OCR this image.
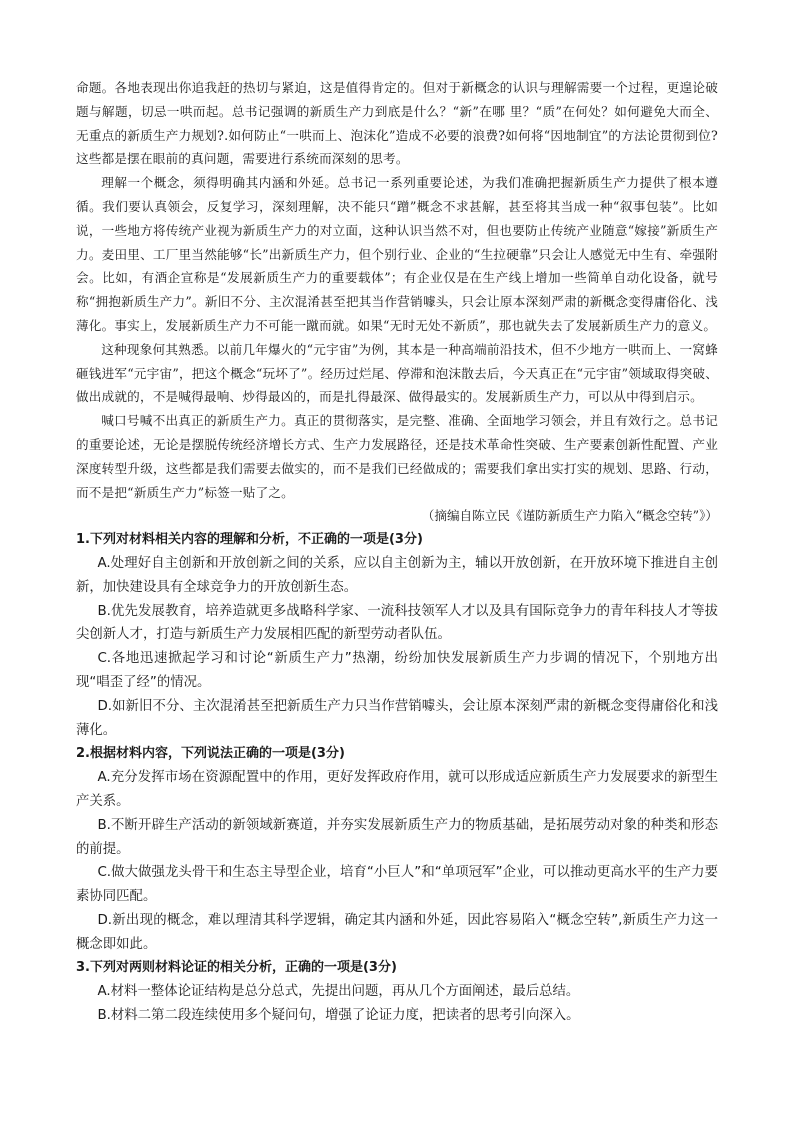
命题。各地表现出你追我赶的热切与紧迫，这是值得肯定的。但对于新概念的认识与理解需要一个过程，更遑论破题与解题，切忌一哄而起。总书记强调的新质生产力到底是什么？“新”在哪 里？“质”在何处？如何避免大而全、无重点的新质生产力规划?.如何防止“一哄而上、泡沫化”造成不必要的浪费?如何将“因地制宜”的方法论贯彻到位?这些都是摆在眼前的真问题，需要进行系统而深刻的思考。

理解一个概念，须得明确其内涵和外延。总书记一系列重要论述，为我们准确把握新质生产力提供了根本遵循。我们要认真领会，反复学习，深刻理解，决不能只“蹭”概念不求甚解，甚至将其当成一种“叙事包装”。比如说，一些地方将传统产业视为新质生产力的对立面，这种认识当然不对，但也要防止传统产业随意“嫁接”新质生产力。麦田里、工厂里当然能够“长”出新质生产力，但个别行业、企业的“生拉硬靠”只会让人感觉无中生有、牵强附会。比如，有酒企宣称是“发展新质生产力的重要载体”；有企业仅是在生产线上增加一些简单自动化设备，就号称“拥抱新质生产力”。新旧不分、主次混淆甚至把其当作营销噱头，只会让原本深刻严肃的新概念变得庸俗化、浅薄化。事实上，发展新质生产力不可能一蹴而就。如果“无时无处不新质”，那也就失去了发展新质生产力的意义。

这种现象何其熟悉。以前几年爆火的“元宇宙”为例，其本是一种高端前沿技术，但不少地方一哄而上、一窝蜂砸钱进军“元宇宙”，把这个概念“玩坏了”。经历过烂尾、停滞和泡沫散去后，今天真正在“元宇宙”领域取得突破、做出成就的，不是喊得最响、炒得最凶的，而是扎得最深、做得最实的。发展新质生产力，可以从中得到启示。

喊口号喊不出真正的新质生产力。真正的贯彻落实，是完整、准确、全面地学习领会，并且有效行之。总书记的重要论述，无论是摆脱传统经济增长方式、生产力发展路径，还是技术革命性突破、生产要素创新性配置、产业深度转型升级，这些都是我们需要去做实的，而不是我们已经做成的；需要我们拿出实打实的规划、思路、行动，而不是把“新质生产力”标签一贴了之。

（摘编自陈立民《谨防新质生产力陷入“概念空转”》）

1.下列对材料相关内容的理解和分析，不正确的一项是(3分)

A.处理好自主创新和开放创新之间的关系，应以自主创新为主，辅以开放创新，在开放环境下推进自主创新，加快建设具有全球竞争力的开放创新生态。

B.优先发展教育，培养造就更多战略科学家、一流科技领军人才以及具有国际竞争力的青年科技人才等拔尖创新人才，打造与新质生产力发展相匹配的新型劳动者队伍。

C.各地迅速掀起学习和讨论“新质生产力”热潮，纷纷加快发展新质生产力步调的情况下，个别地方出现“唱歪了经”的情况。

D.如新旧不分、主次混淆甚至把新质生产力只当作营销噱头，会让原本深刻严肃的新概念变得庸俗化和浅薄化。

2.根据材料内容，下列说法正确的一项是(3分)

A.充分发挥市场在资源配置中的作用，更好发挥政府作用，就可以形成适应新质生产力发展要求的新型生产关系。

B.不断开辟生产活动的新领域新赛道，并夯实发展新质生产力的物质基础，是拓展劳动对象的种类和形态的前提。

C.做大做强龙头骨干和生态主导型企业，培育“小巨人”和“单项冠军”企业，可以推动更高水平的生产力要素协同匹配。

D.新出现的概念，难以理清其科学逻辑，确定其内涵和外延，因此容易陷入“概念空转”,新质生产力这一概念即如此。

3.下列对两则材料论证的相关分析，正确的一项是(3分)

A.材料一整体论证结构是总分总式，先提出问题，再从几个方面阐述，最后总结。

B.材料二第二段连续使用多个疑问句，增强了论证力度，把读者的思考引向深入。
